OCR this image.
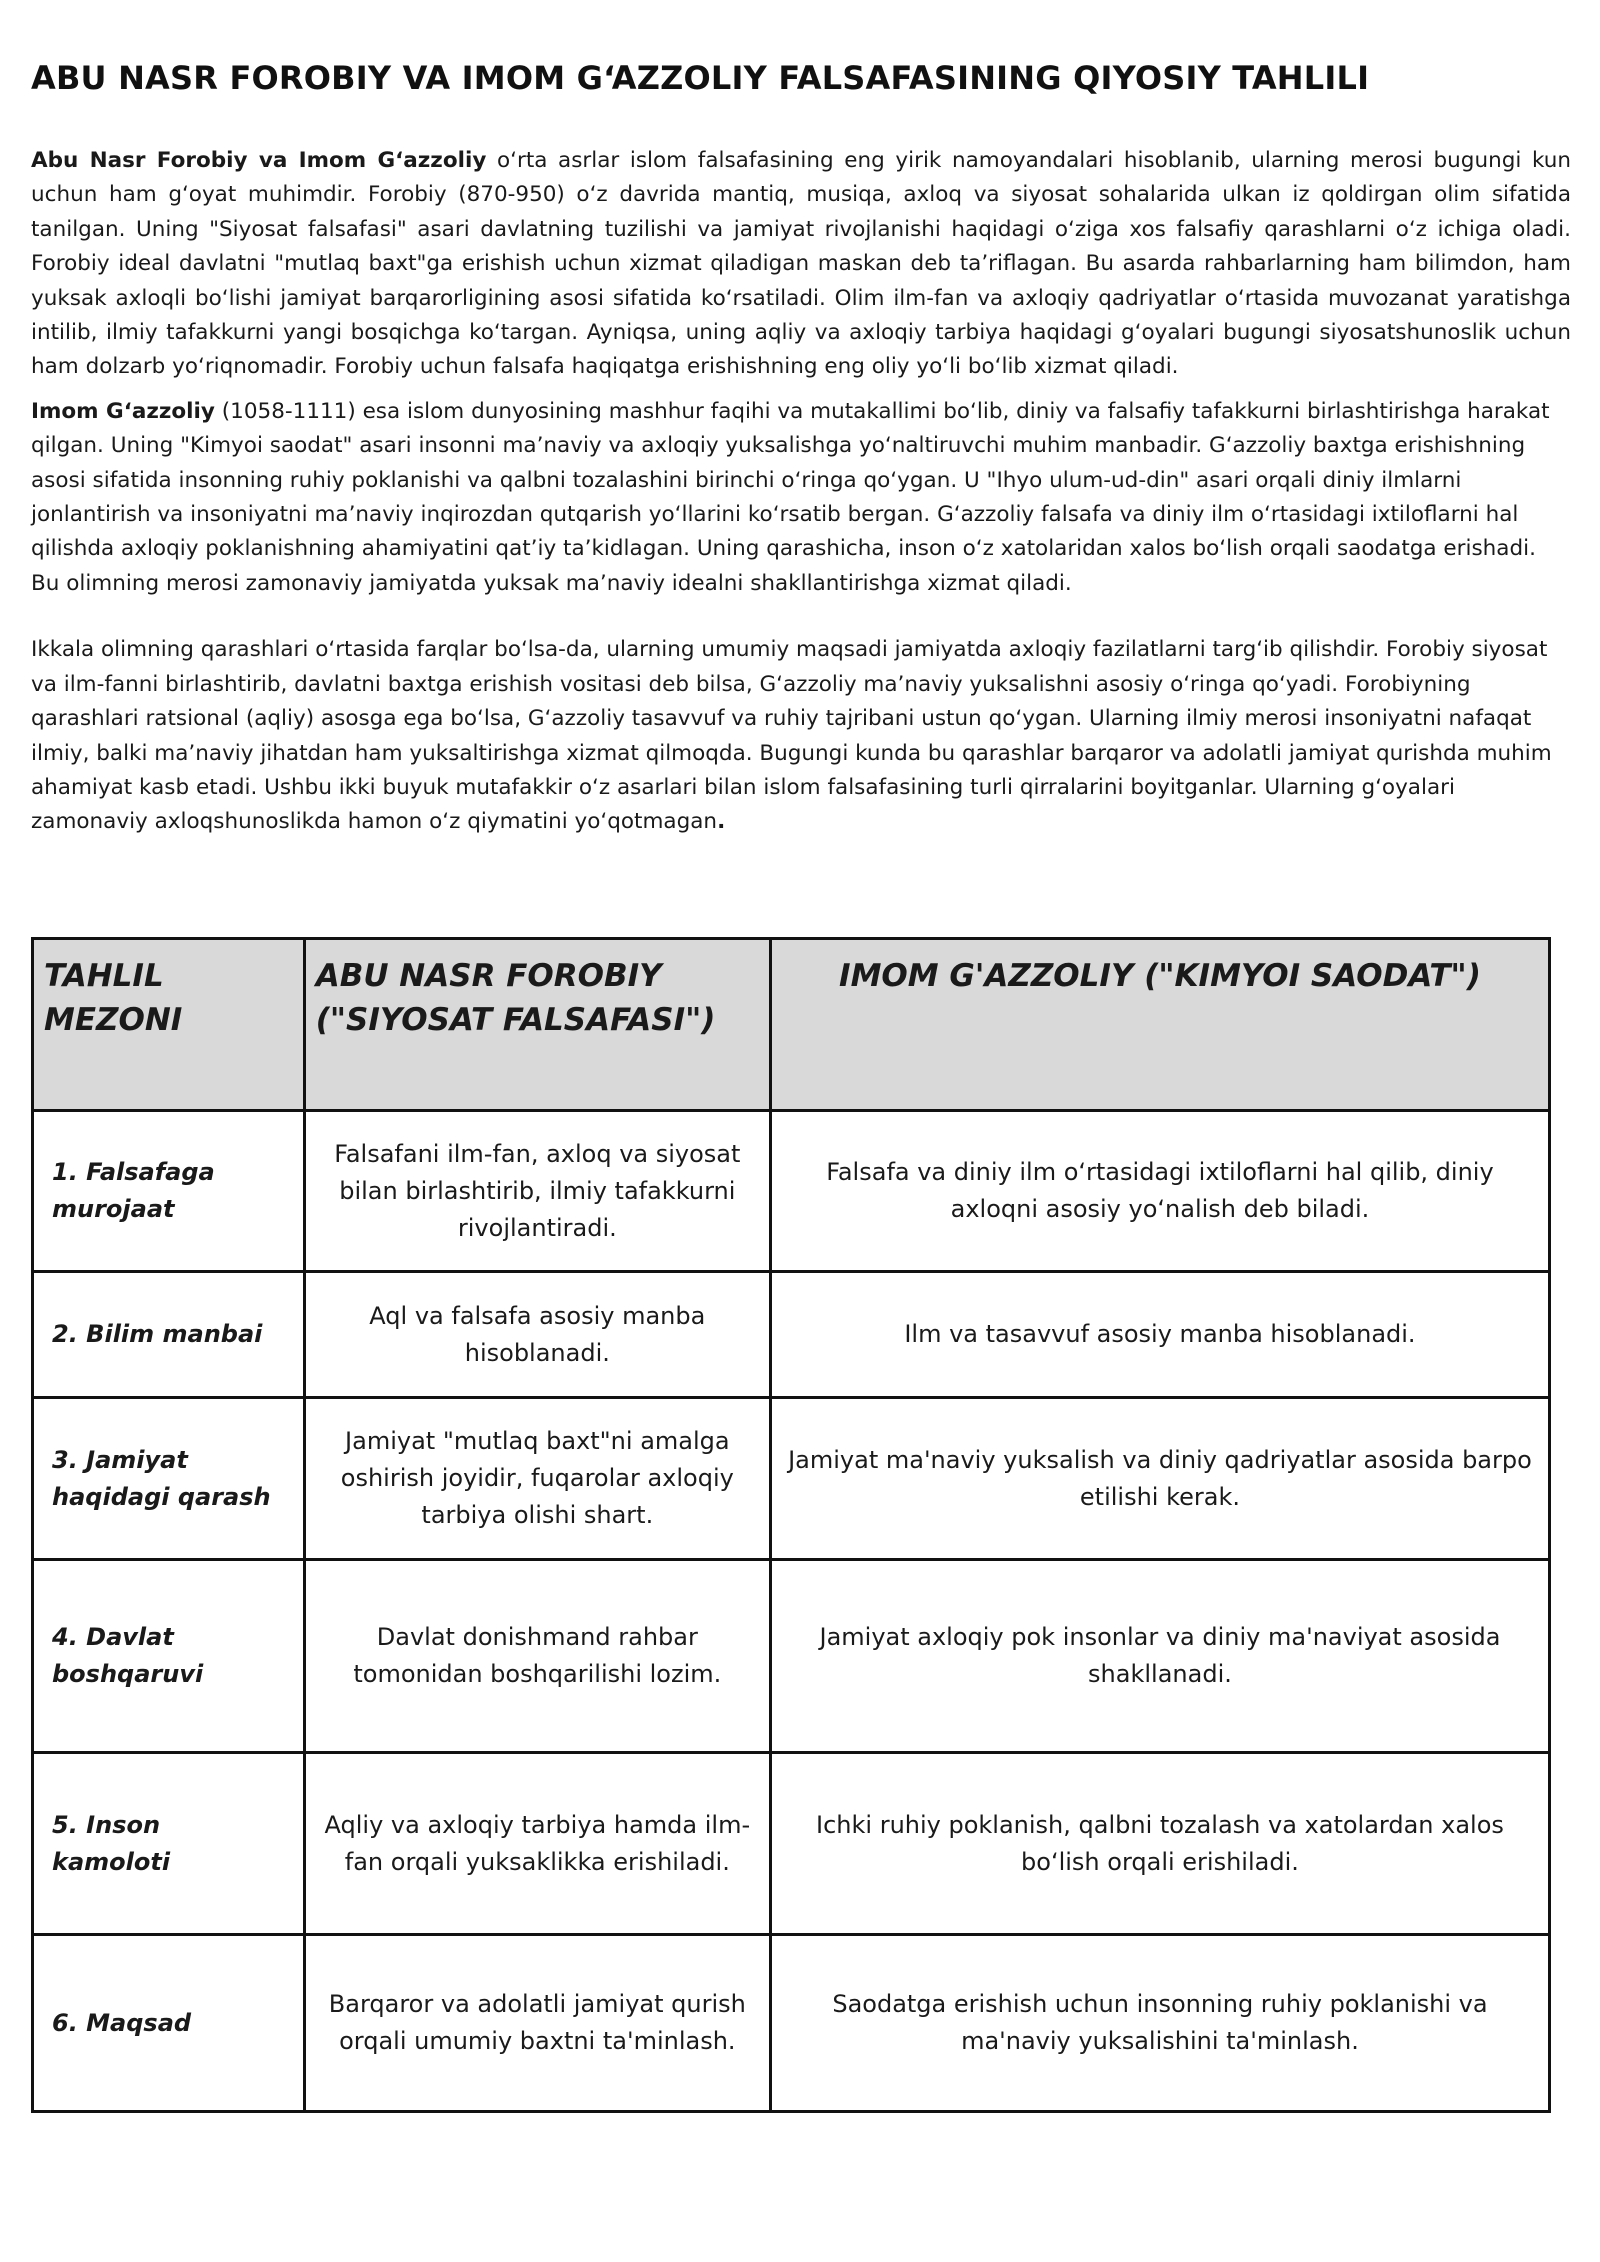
ABU NASR FOROBIY VA IMOM G‘AZZOLIY FALSAFASINING QIYOSIY TAHLILI

Abu Nasr Forobiy va Imom G‘azzoliy o‘rta asrlar islom falsafasining eng yirik namoyandalari hisoblanib, ularning merosi bugungi kun uchun ham g‘oyat muhimdir. Forobiy (870-950) o‘z davrida mantiq, musiqa, axloq va siyosat sohalarida ulkan iz qoldirgan olim sifatida tanilgan. Uning "Siyosat falsafasi" asari davlatning tuzilishi va jamiyat rivojlanishi haqidagi o‘ziga xos falsafiy qarashlarni o‘z ichiga oladi. Forobiy ideal davlatni "mutlaq baxt"ga erishish uchun xizmat qiladigan maskan deb ta’riflagan. Bu asarda rahbarlarning ham bilimdon, ham yuksak axloqli bo‘lishi jamiyat barqarorligining asosi sifatida ko‘rsatiladi. Olim ilm-fan va axloqiy qadriyatlar o‘rtasida muvozanat yaratishga intilib, ilmiy tafakkurni yangi bosqichga ko‘targan. Ayniqsa, uning aqliy va axloqiy tarbiya haqidagi g‘oyalari bugungi siyosatshunoslik uchun ham dolzarb yo‘riqnomadir. Forobiy uchun falsafa haqiqatga erishishning eng oliy yo‘li bo‘lib xizmat qiladi.

Imom G‘azzoliy (1058-1111) esa islom dunyosining mashhur faqihi va mutakallimi bo‘lib, diniy va falsafiy tafakkurni birlashtirishga harakat qilgan. Uning "Kimyoi saodat" asari insonni ma’naviy va axloqiy yuksalishga yo‘naltiruvchi muhim manbadir. G‘azzoliy baxtga erishishning asosi sifatida insonning ruhiy poklanishi va qalbni tozalashini birinchi o‘ringa qo‘ygan. U "Ihyo ulum-ud-din" asari orqali diniy ilmlarni jonlantirish va insoniyatni ma’naviy inqirozdan qutqarish yo‘llarini ko‘rsatib bergan. G‘azzoliy falsafa va diniy ilm o‘rtasidagi ixtiloflarni hal qilishda axloqiy poklanishning ahamiyatini qat’iy ta’kidlagan. Uning qarashicha, inson o‘z xatolaridan xalos bo‘lish orqali saodatga erishadi. Bu olimning merosi zamonaviy jamiyatda yuksak ma’naviy idealni shakllantirishga xizmat qiladi.

Ikkala olimning qarashlari o‘rtasida farqlar bo‘lsa-da, ularning umumiy maqsadi jamiyatda axloqiy fazilatlarni targ‘ib qilishdir. Forobiy siyosat va ilm-fanni birlashtirib, davlatni baxtga erishish vositasi deb bilsa, G‘azzoliy ma’naviy yuksalishni asosiy o‘ringa qo‘yadi. Forobiyning qarashlari ratsional (aqliy) asosga ega bo‘lsa, G‘azzoliy tasavvuf va ruhiy tajribani ustun qo‘ygan. Ularning ilmiy merosi insoniyatni nafaqat ilmiy, balki ma’naviy jihatdan ham yuksaltirishga xizmat qilmoqda. Bugungi kunda bu qarashlar barqaror va adolatli jamiyat qurishda muhim ahamiyat kasb etadi. Ushbu ikki buyuk mutafakkir o‘z asarlari bilan islom falsafasining turli qirralarini boyitganlar. Ularning g‘oyalari zamonaviy axloqshunoslikda hamon o‘z qiymatini yo‘qotmagan.

TAHLIL MEZONI	ABU NASR FOROBIY ("SIYOSAT FALSAFASI")	IMOM G'AZZOLIY ("KIMYOI SAODAT")
1. Falsafaga murojaat	Falsafani ilm-fan, axloq va siyosat bilan birlashtirib, ilmiy tafakkurni rivojlantiradi.	Falsafa va diniy ilm o‘rtasidagi ixtiloflarni hal qilib, diniy axloqni asosiy yo‘nalish deb biladi.
2. Bilim manbai	Aql va falsafa asosiy manba hisoblanadi.	Ilm va tasavvuf asosiy manba hisoblanadi.
3. Jamiyat haqidagi qarash	Jamiyat "mutlaq baxt"ni amalga oshirish joyidir, fuqarolar axloqiy tarbiya olishi shart.	Jamiyat ma'naviy yuksalish va diniy qadriyatlar asosida barpo etilishi kerak.
4. Davlat boshqaruvi	Davlat donishmand rahbar tomonidan boshqarilishi lozim.	Jamiyat axloqiy pok insonlar va diniy ma'naviyat asosida shakllanadi.
5. Inson kamoloti	Aqliy va axloqiy tarbiya hamda ilm-fan orqali yuksaklikka erishiladi.	Ichki ruhiy poklanish, qalbni tozalash va xatolardan xalos bo‘lish orqali erishiladi.
6. Maqsad	Barqaror va adolatli jamiyat qurish orqali umumiy baxtni ta'minlash.	Saodatga erishish uchun insonning ruhiy poklanishi va ma'naviy yuksalishini ta'minlash.
